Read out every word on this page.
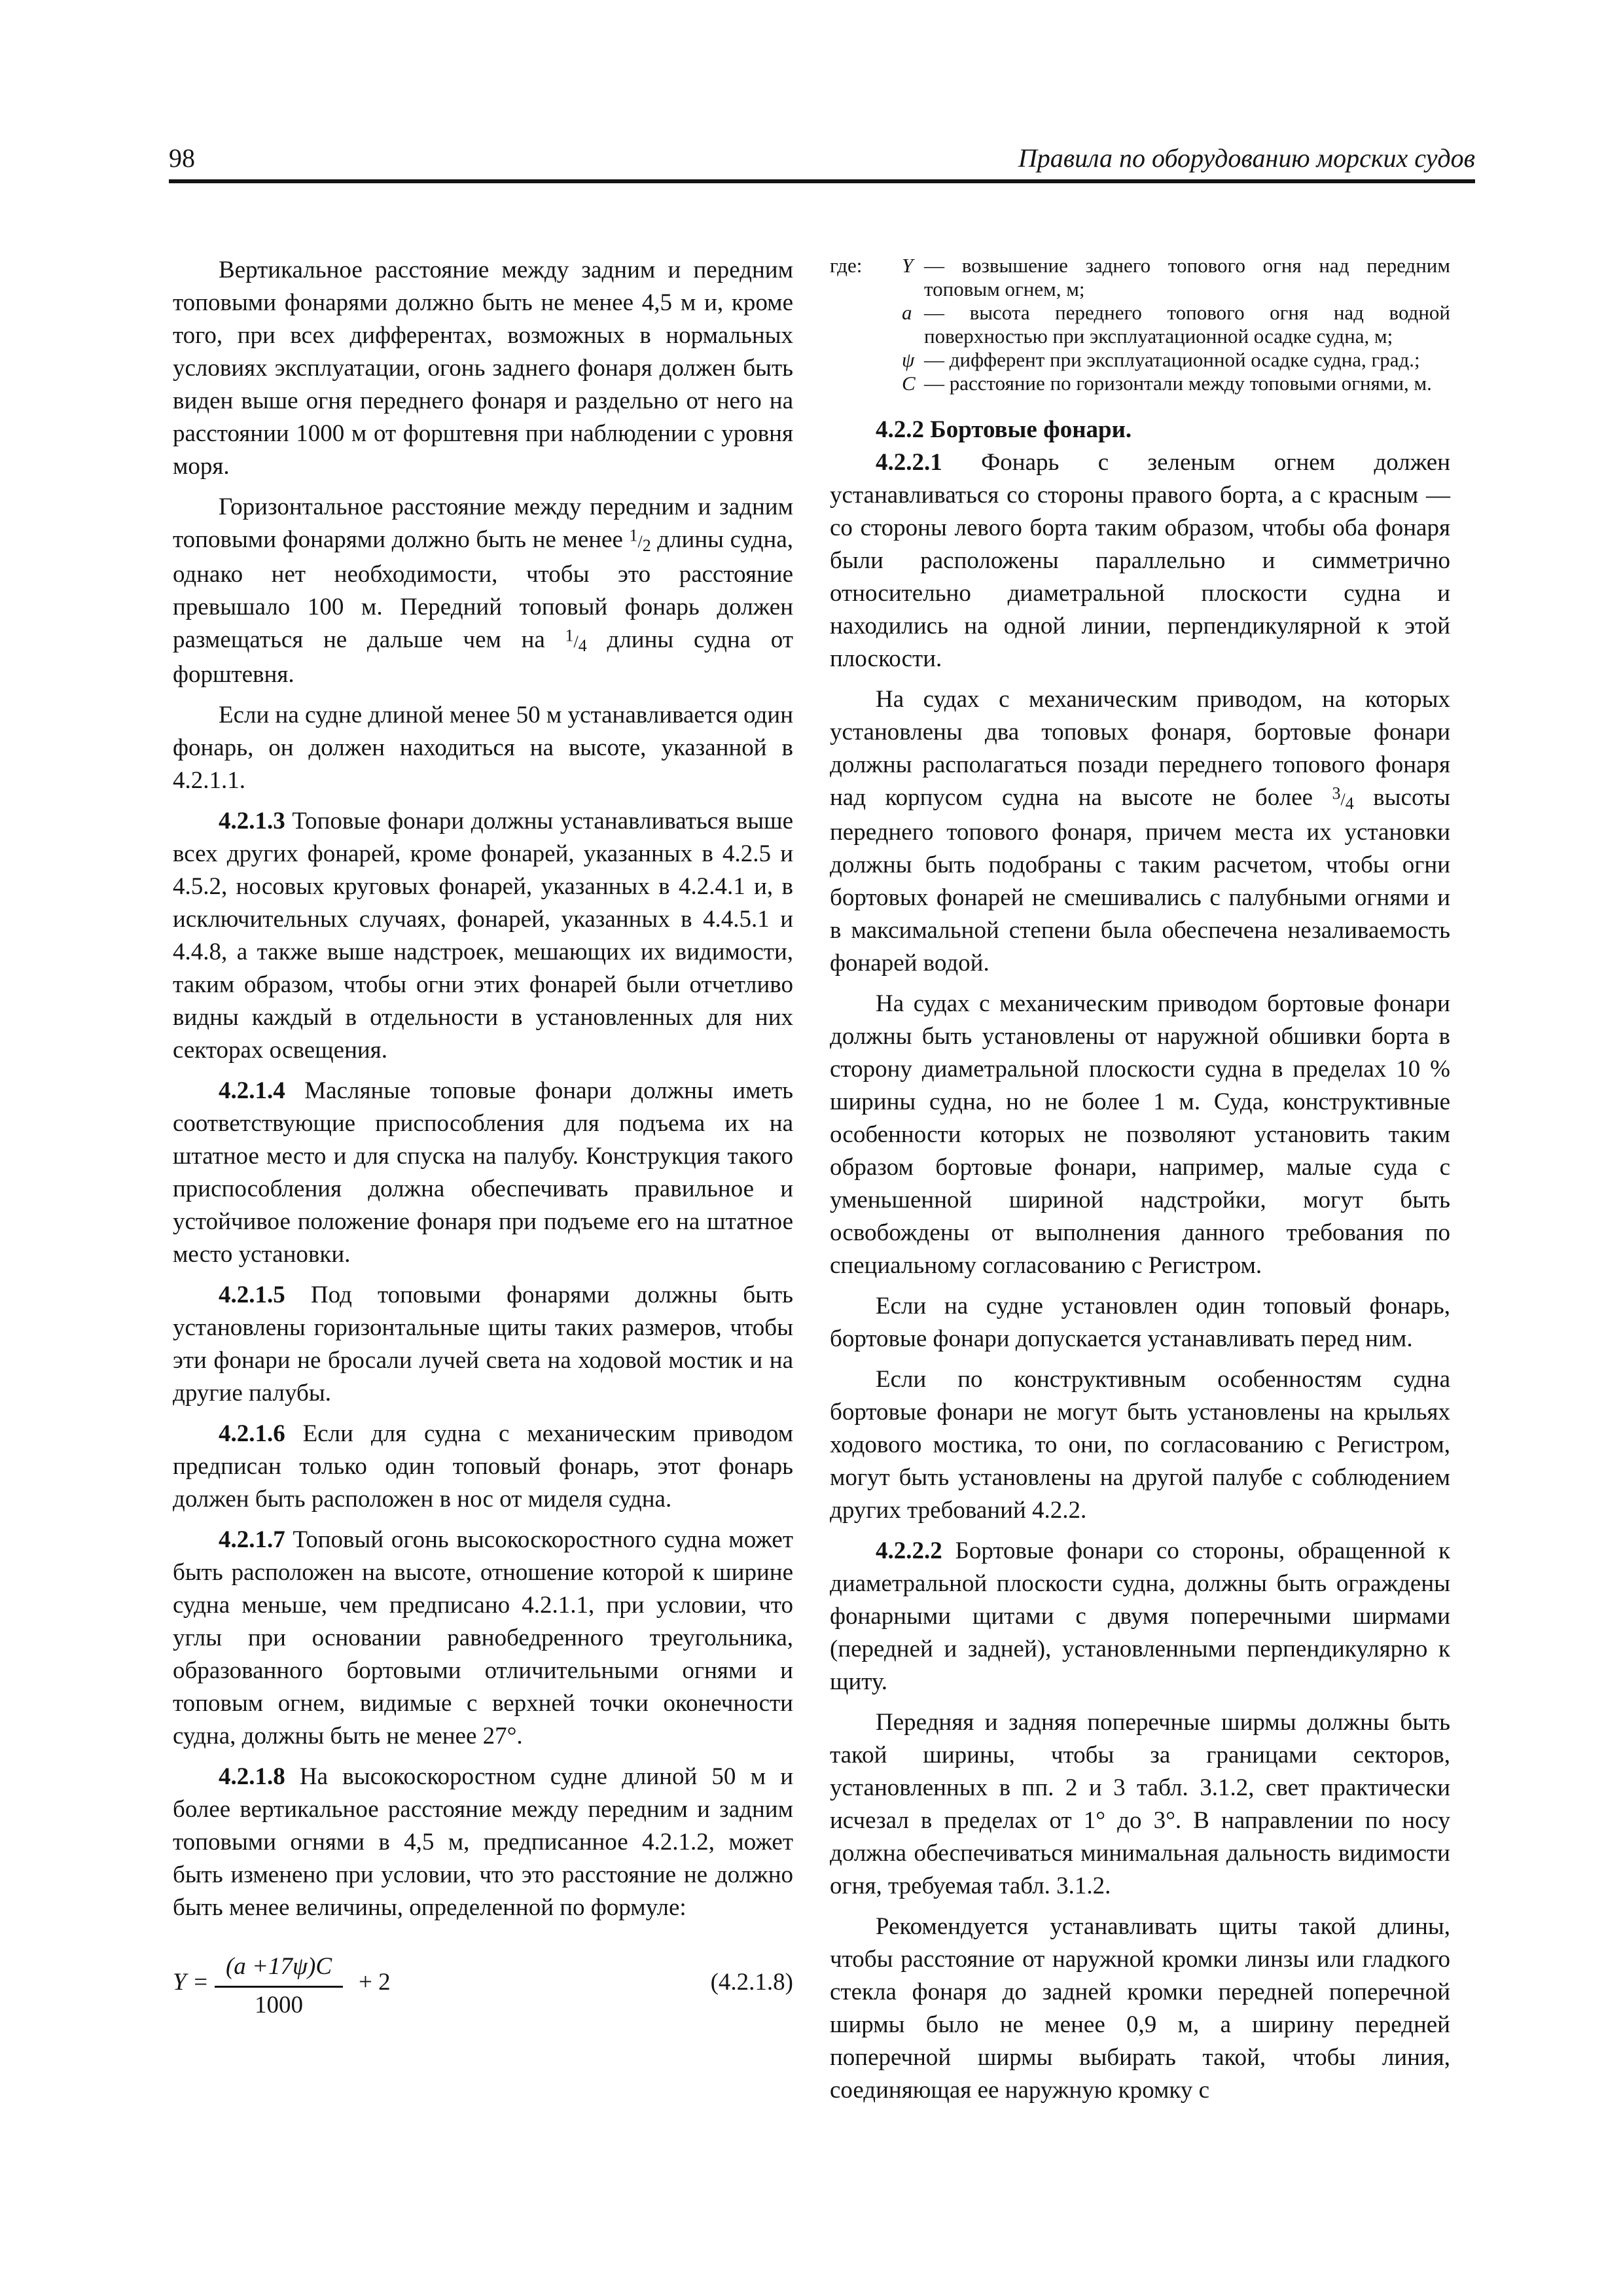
98	Правила по оборудованию морских судов

Вертикальное расстояние между задним и передним топовыми фонарями должно быть не менее 4,5 м и, кроме того, при всех дифферентах, возможных в нормальных условиях эксплуатации, огонь заднего фонаря должен быть виден выше огня переднего фонаря и раздельно от него на расстоянии 1000 м от форштевня при наблюдении с уровня моря.

Горизонтальное расстояние между передним и задним топовыми фонарями должно быть не менее $^1/_2$ длины судна, однако нет необходимости, чтобы это расстояние превышало 100 м. Передний топовый фонарь должен размещаться не дальше чем на $^1/_4$ длины судна от форштевня.

Если на судне длиной менее 50 м устанавливается один фонарь, он должен находиться на высоте, указанной в 4.2.1.1.

4.2.1.3 Топовые фонари должны устанавливаться выше всех других фонарей, кроме фонарей, указанных в 4.2.5 и 4.5.2, носовых круговых фонарей, указанных в 4.2.4.1 и, в исключительных случаях, фонарей, указанных в 4.4.5.1 и 4.4.8, а также выше надстроек, мешающих их видимости, таким образом, чтобы огни этих фонарей были отчетливо видны каждый в отдельности в установленных для них секторах освещения.

4.2.1.4 Масляные топовые фонари должны иметь соответствующие приспособления для подъема их на штатное место и для спуска на палубу. Конструкция такого приспособления должна обеспечивать правильное и устойчивое положение фонаря при подъеме его на штатное место установки.

4.2.1.5 Под топовыми фонарями должны быть установлены горизонтальные щиты таких размеров, чтобы эти фонари не бросали лучей света на ходовой мостик и на другие палубы.

4.2.1.6 Если для судна с механическим приводом предписан только один топовый фонарь, этот фонарь должен быть расположен в нос от миделя судна.

4.2.1.7 Топовый огонь высокоскоростного судна может быть расположен на высоте, отношение которой к ширине судна меньше, чем предписано 4.2.1.1, при условии, что углы при основании равнобедренного треугольника, образованного бортовыми отличительными огнями и топовым огнем, видимые с верхней точки оконечности судна, должны быть не менее 27°.

4.2.1.8 На высокоскоростном судне длиной 50 м и более вертикальное расстояние между передним и задним топовыми огнями в 4,5 м, предписанное 4.2.1.2, может быть изменено при условии, что это расстояние не должно быть менее величины, определенной по формуле:

Y =
(a +17ψ)C
1000
+ 2	(4.2.1.8)
где: Y — возвышение заднего топового огня над передним топовым огнем, м;
a — высота переднего топового огня над водной поверхностью при эксплуатационной осадке судна, м;
ψ — дифферент при эксплуатационной осадке судна, град.;
C — расстояние по горизонтали между топовыми огнями, м.

4.2.2 Бортовые фонари.

4.2.2.1 Фонарь с зеленым огнем должен устанавливаться со стороны правого борта, а с красным — со стороны левого борта таким образом, чтобы оба фонаря были расположены параллельно и симметрично относительно диаметральной плоскости судна и находились на одной линии, перпендикулярной к этой плоскости.

На судах с механическим приводом, на которых установлены два топовых фонаря, бортовые фонари должны располагаться позади переднего топового фонаря над корпусом судна на высоте не более $^3/_4$ высоты переднего топового фонаря, причем места их установки должны быть подобраны с таким расчетом, чтобы огни бортовых фонарей не смешивались с палубными огнями и в максимальной степени была обеспечена незаливаемость фонарей водой.

На судах с механическим приводом бортовые фонари должны быть установлены от наружной обшивки борта в сторону диаметральной плоскости судна в пределах 10 % ширины судна, но не более 1 м. Суда, конструктивные особенности которых не позволяют установить таким образом бортовые фонари, например, малые суда с уменьшенной шириной надстройки, могут быть освобождены от выполнения данного требования по специальному согласованию с Регистром.

Если на судне установлен один топовый фонарь, бортовые фонари допускается устанавливать перед ним.

Если по конструктивным особенностям судна бортовые фонари не могут быть установлены на крыльях ходового мостика, то они, по согласованию с Регистром, могут быть установлены на другой палубе с соблюдением других требований 4.2.2.

4.2.2.2 Бортовые фонари со стороны, обращенной к диаметральной плоскости судна, должны быть ограждены фонарными щитами с двумя поперечными ширмами (передней и задней), установленными перпендикулярно к щиту.

Передняя и задняя поперечные ширмы должны быть такой ширины, чтобы за границами секторов, установленных в пп. 2 и 3 табл. 3.1.2, свет практически исчезал в пределах от 1° до 3°. В направлении по носу должна обеспечиваться минимальная дальность видимости огня, требуемая табл. 3.1.2.

Рекомендуется устанавливать щиты такой длины, чтобы расстояние от наружной кромки линзы или гладкого стекла фонаря до задней кромки передней поперечной ширмы было не менее 0,9 м, а ширину передней поперечной ширмы выбирать такой, чтобы линия, соединяющая ее наружную кромку с
